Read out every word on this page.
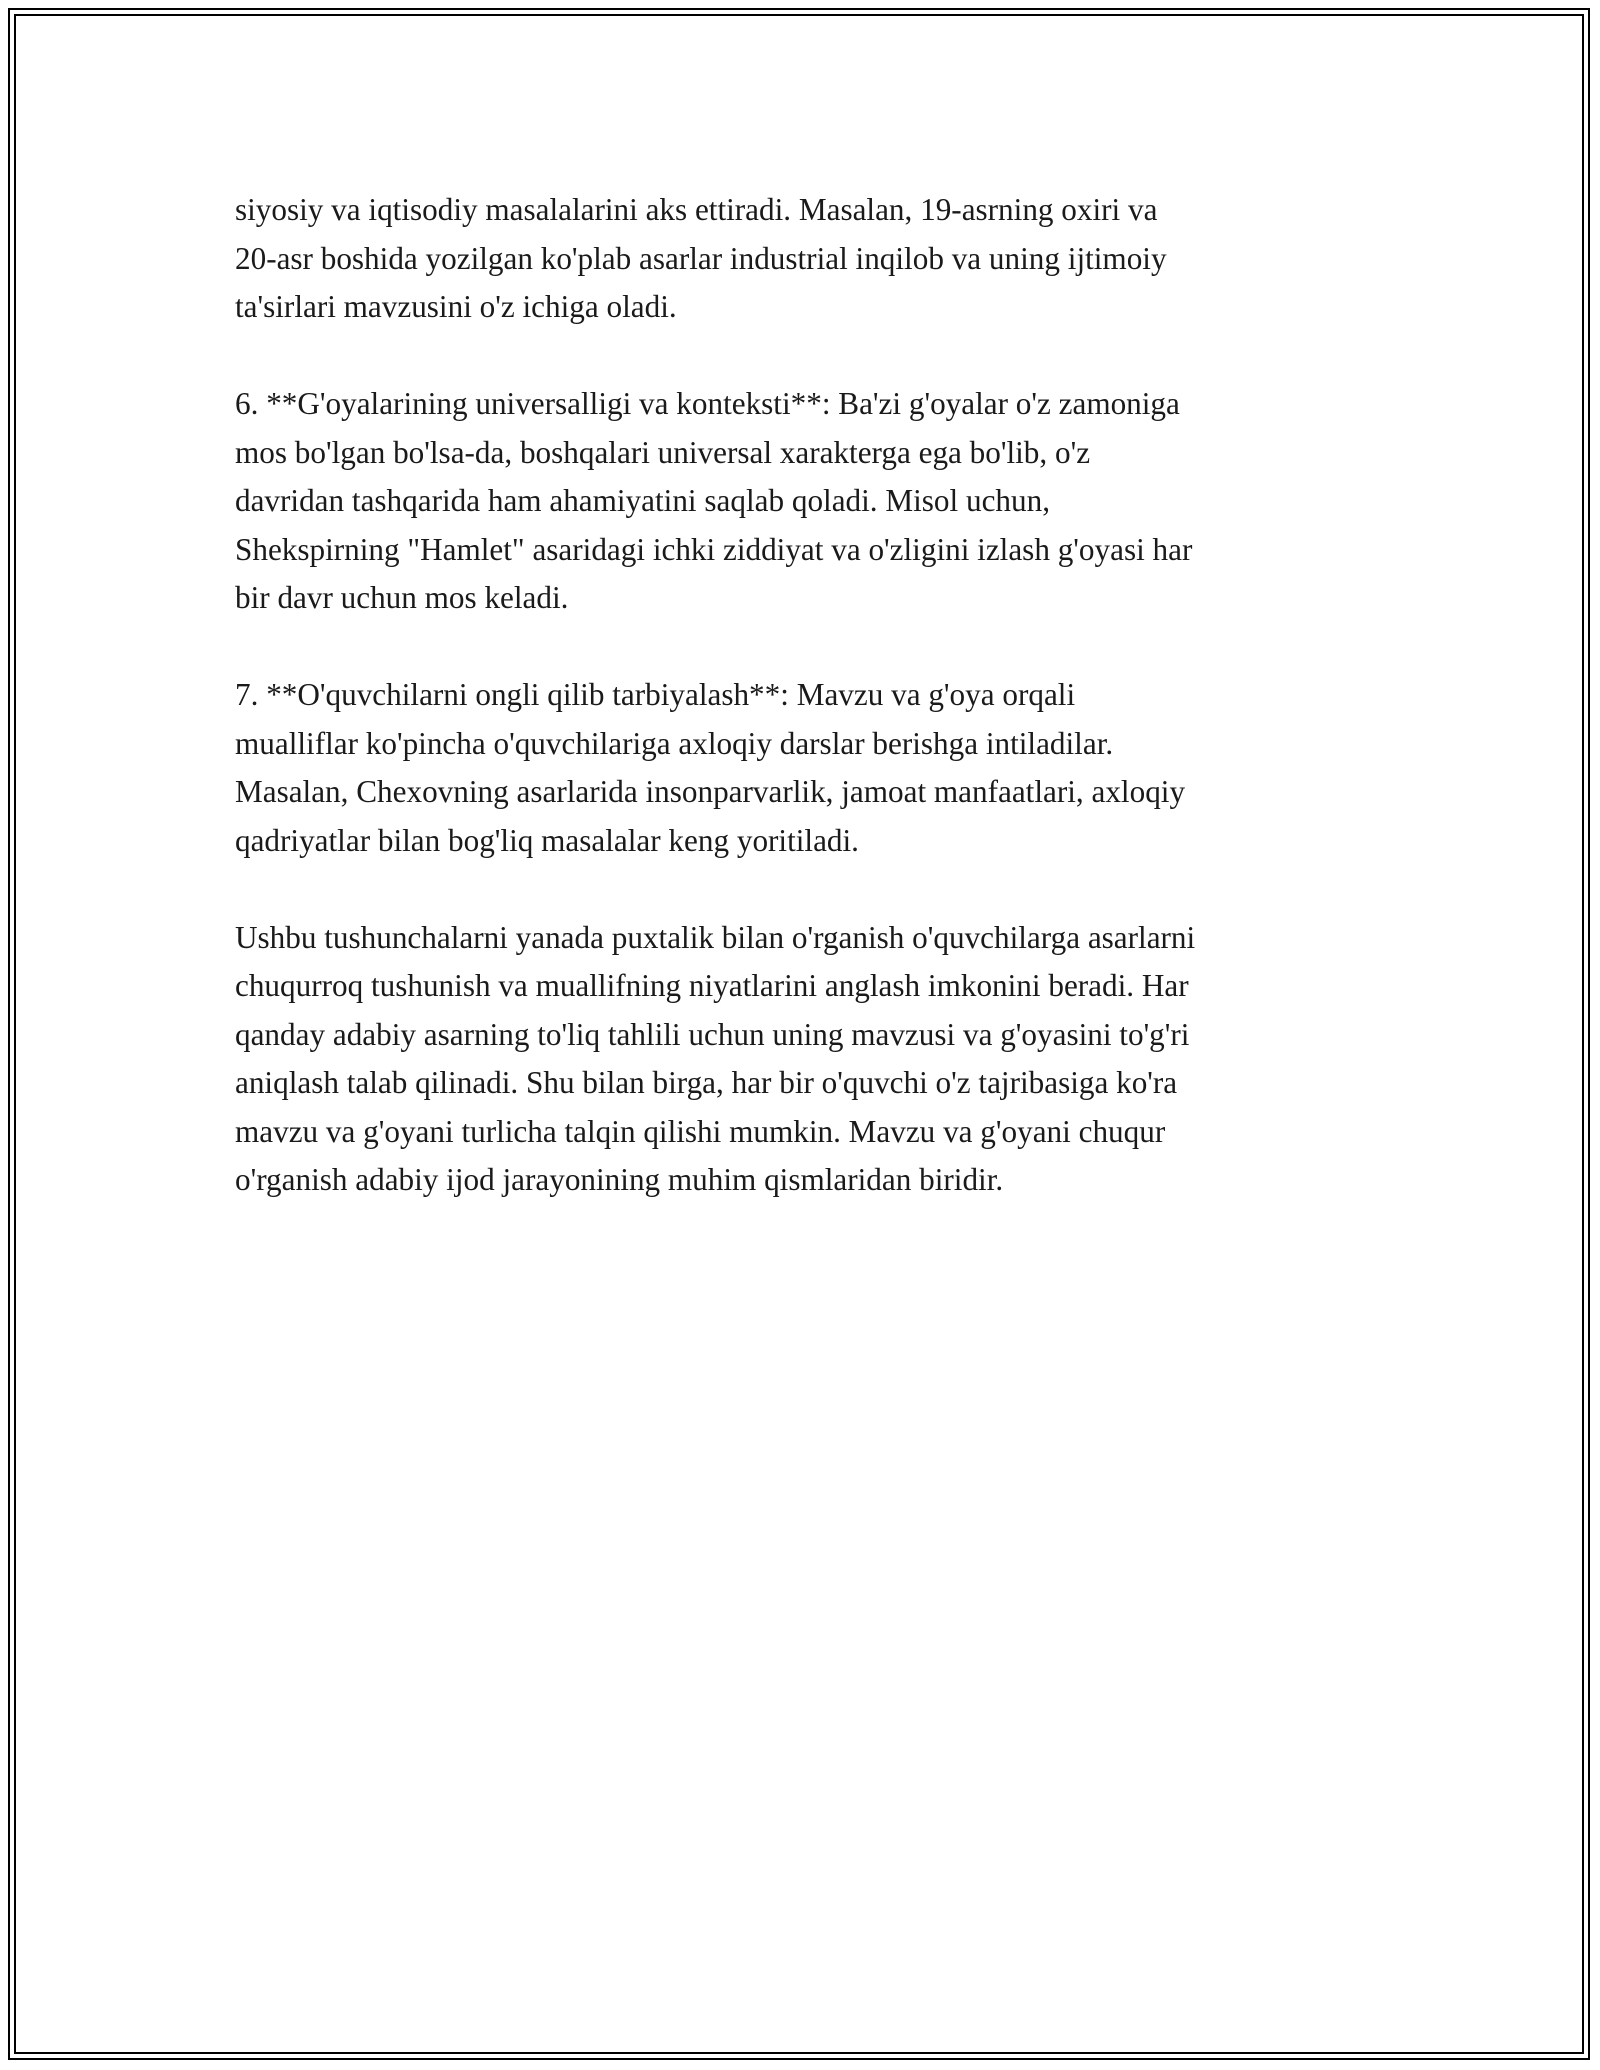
siyosiy va iqtisodiy masalalarini aks ettiradi. Masalan, 19-asrning oxiri va
20-asr boshida yozilgan ko'plab asarlar industrial inqilob va uning ijtimoiy
ta'sirlari mavzusini o'z ichiga oladi.

6. **G'oyalarining universalligi va konteksti**: Ba'zi g'oyalar o'z zamoniga
mos bo'lgan bo'lsa-da, boshqalari universal xarakterga ega bo'lib, o'z
davridan tashqarida ham ahamiyatini saqlab qoladi. Misol uchun,
Shekspirning "Hamlet" asaridagi ichki ziddiyat va o'zligini izlash g'oyasi har
bir davr uchun mos keladi.

7. **O'quvchilarni ongli qilib tarbiyalash**: Mavzu va g'oya orqali
mualliflar ko'pincha o'quvchilariga axloqiy darslar berishga intiladilar.
Masalan, Chexovning asarlarida insonparvarlik, jamoat manfaatlari, axloqiy
qadriyatlar bilan bog'liq masalalar keng yoritiladi.

Ushbu tushunchalarni yanada puxtalik bilan o'rganish o'quvchilarga asarlarni
chuqurroq tushunish va muallifning niyatlarini anglash imkonini beradi. Har
qanday adabiy asarning to'liq tahlili uchun uning mavzusi va g'oyasini to'g'ri
aniqlash talab qilinadi. Shu bilan birga, har bir o'quvchi o'z tajribasiga ko'ra
mavzu va g'oyani turlicha talqin qilishi mumkin. Mavzu va g'oyani chuqur
o'rganish adabiy ijod jarayonining muhim qismlaridan biridir.
